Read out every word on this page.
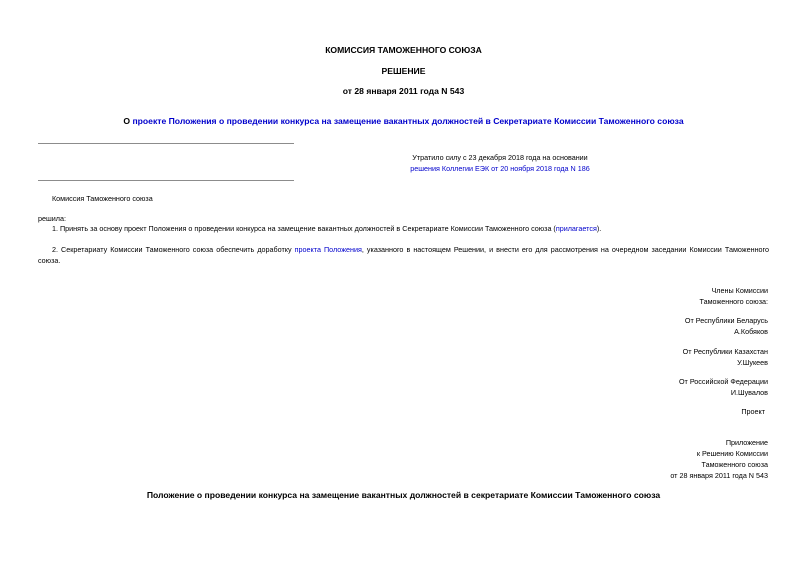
КОМИССИЯ ТАМОЖЕННОГО СОЮЗА
РЕШЕНИЕ
от 28 января 2011 года N 543
О проекте Положения о проведении конкурса на замещение вакантных должностей в Секретариате Комиссии Таможенного союза
Утратило силу с 23 декабря 2018 года на основании
решения Коллегии ЕЭК от 20 ноября 2018 года N 186
Комиссия Таможенного союза
решила:
1. Принять за основу проект Положения о проведении конкурса на замещение вакантных должностей в Секретариате Комиссии Таможенного союза (прилагается).
2. Секретариату Комиссии Таможенного союза обеспечить доработку проекта Положения, указанного в настоящем Решении, и внести его для рассмотрения на очередном заседании Комиссии Таможенного союза.
Члены Комиссии
Таможенного союза:
От Республики Беларусь
А.Кобяков
От Республики Казахстан
У.Шукеев
От Российской Федерации
И.Шувалов
Проект
Приложение
к Решению Комиссии
Таможенного союза
от 28 января 2011 года N 543
Положение о проведении конкурса на замещение вакантных должностей в секретариате Комиссии Таможенного союза
